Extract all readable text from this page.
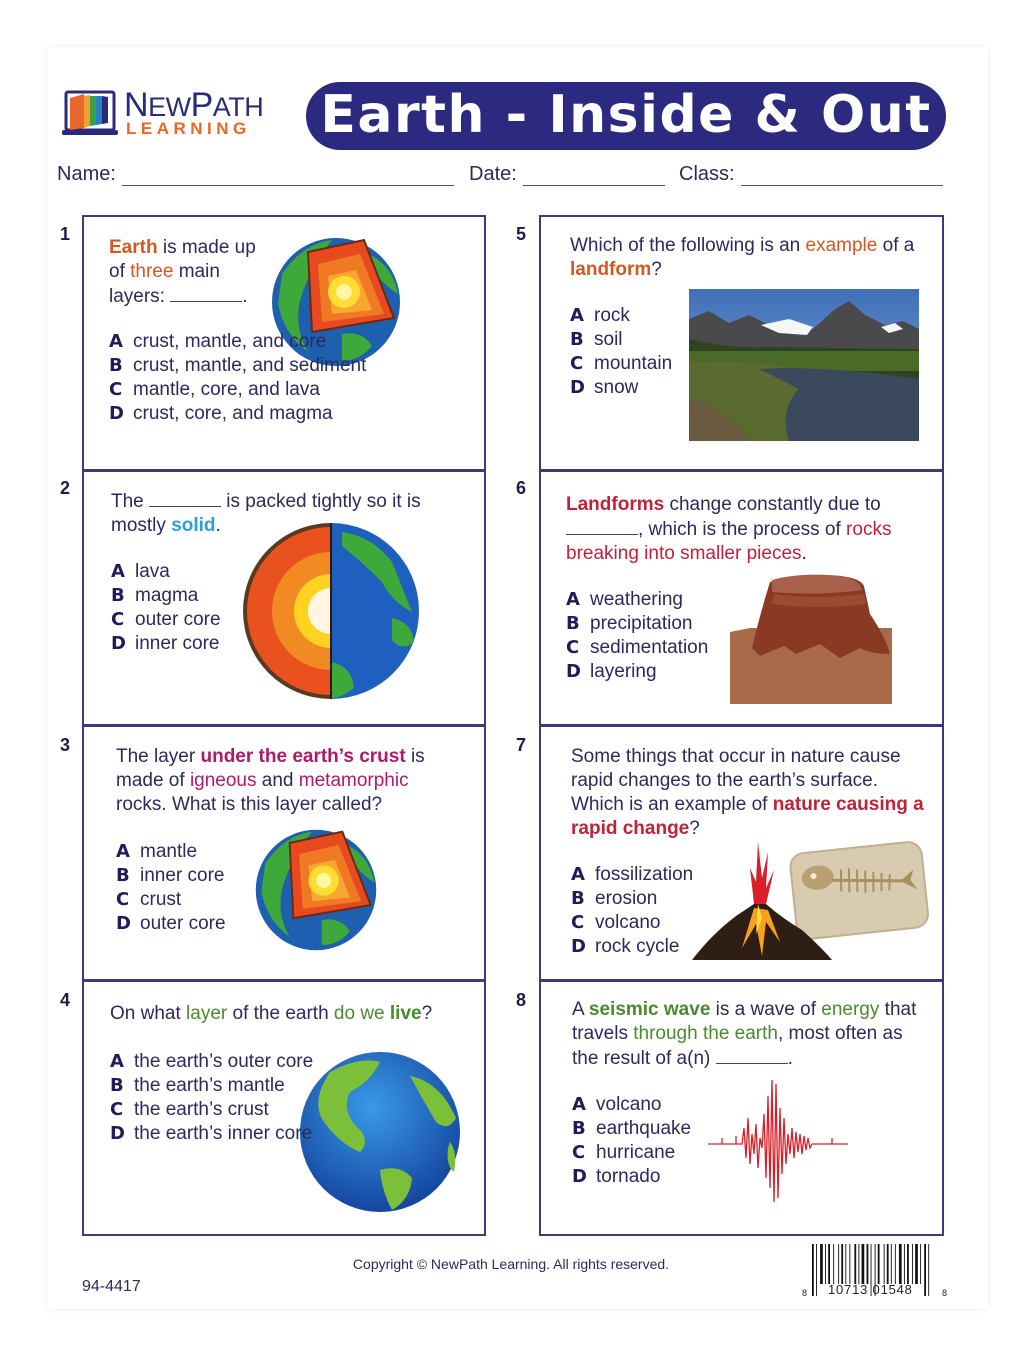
NEWPATH
LEARNING Earth - Inside & Out
Name:	Date:	Class:
1
Earth is made up of three main layers:	.
A crust, mantle, and core
B crust, mantle, and sediment
C mantle, core, and lava
D crust, core, and magma
2
The	is packed tightly so it is mostly solid.
A lava
B magma
C outer core
D inner core
3
The layer under the earth’s crust is made of igneous and metamorphic rocks. What is this layer called?
A mantle
B inner core
C crust
D outer core
4
On what layer of the earth do we live?
A the earth’s outer core
B the earth’s mantle
C the earth’s crust
D the earth’s inner core
5
Which of the following is an example of a landform?
A rock
B soil
C mountain
D snow
6
Landforms change constantly due to , which is the process of rocks breaking into smaller pieces.
A weathering
B precipitation
C sedimentation
D layering
7
Some things that occur in nature cause rapid changes to the earth’s surface. Which is an example of nature causing a rapid change?
A fossilization
B erosion
C volcano
D rock cycle
8 A seismic wave is a wave of energy that travels through the earth, most often as the result of a(n)	.
A volcano
B earthquake
C hurricane
D tornado
Copyright © NewPath Learning. All rights reserved.
94-4417	8 10713 01548	8
